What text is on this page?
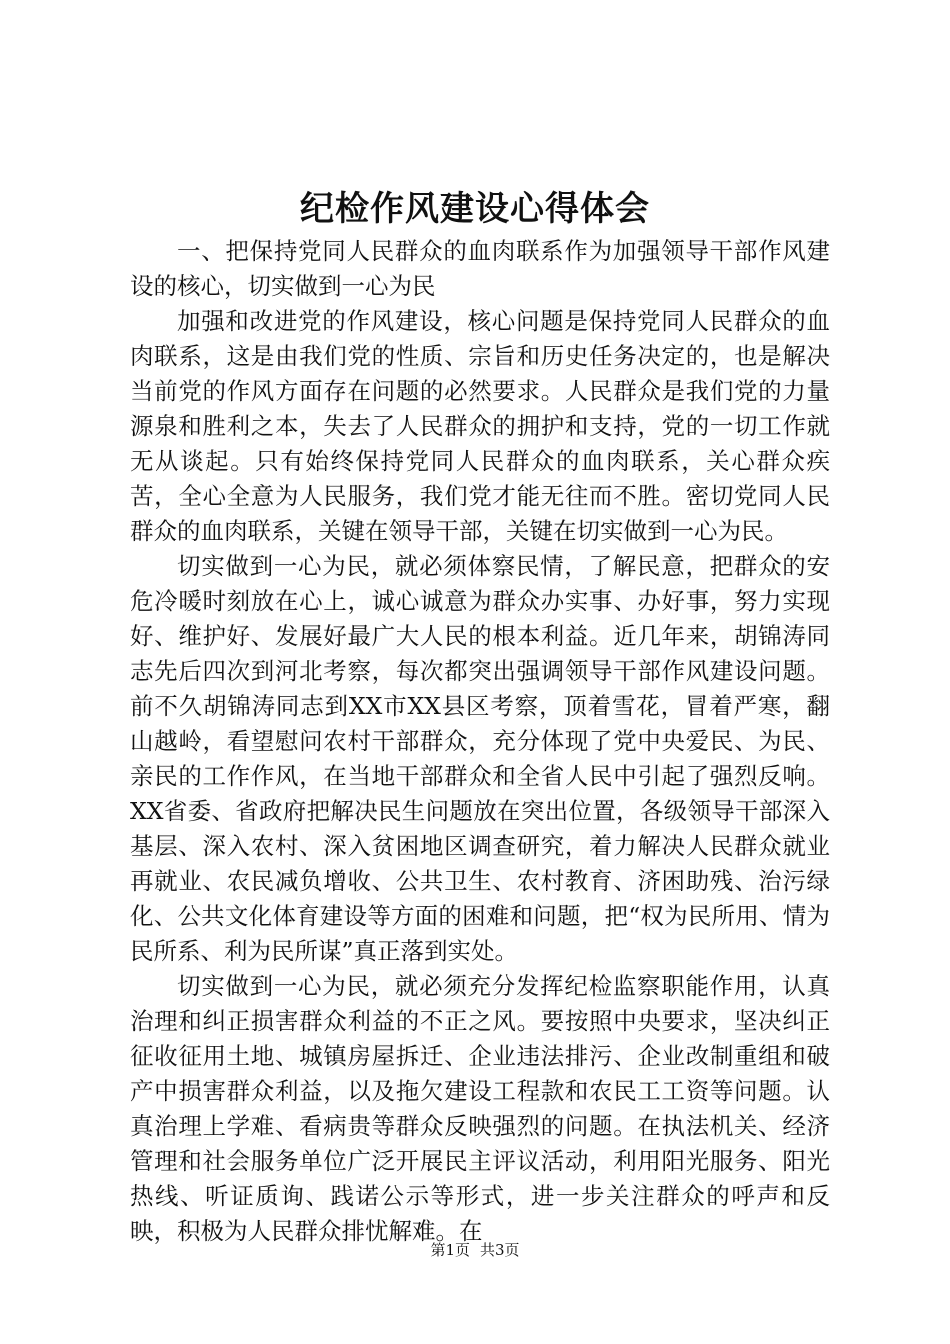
纪检作风建设心得体会

一、把保持党同人民群众的血肉联系作为加强领导干部作风建设的核心，切实做到一心为民

加强和改进党的作风建设，核心问题是保持党同人民群众的血肉联系，这是由我们党的性质、宗旨和历史任务决定的，也是解决当前党的作风方面存在问题的必然要求。人民群众是我们党的力量源泉和胜利之本，失去了人民群众的拥护和支持，党的一切工作就无从谈起。只有始终保持党同人民群众的血肉联系，关心群众疾苦，全心全意为人民服务，我们党才能无往而不胜。密切党同人民群众的血肉联系，关键在领导干部，关键在切实做到一心为民。

切实做到一心为民，就必须体察民情，了解民意，把群众的安危冷暖时刻放在心上，诚心诚意为群众办实事、办好事，努力实现好、维护好、发展好最广大人民的根本利益。近几年来，胡锦涛同志先后四次到河北考察，每次都突出强调领导干部作风建设问题。前不久胡锦涛同志到XX市XX县区考察，顶着雪花，冒着严寒，翻山越岭，看望慰问农村干部群众，充分体现了党中央爱民、为民、亲民的工作作风，在当地干部群众和全省人民中引起了强烈反响。XX省委、省政府把解决民生问题放在突出位置，各级领导干部深入基层、深入农村、深入贫困地区调查研究，着力解决人民群众就业再就业、农民减负增收、公共卫生、农村教育、济困助残、治污绿化、公共文化体育建设等方面的困难和问题，把“权为民所用、情为民所系、利为民所谋”真正落到实处。

切实做到一心为民，就必须充分发挥纪检监察职能作用，认真治理和纠正损害群众利益的不正之风。要按照中央要求，坚决纠正征收征用土地、城镇房屋拆迁、企业违法排污、企业改制重组和破产中损害群众利益，以及拖欠建设工程款和农民工工资等问题。认真治理上学难、看病贵等群众反映强烈的问题。在执法机关、经济管理和社会服务单位广泛开展民主评议活动，利用阳光服务、阳光热线、听证质询、践诺公示等形式，进一步关注群众的呼声和反映，积极为人民群众排忧解难。在

第1页 共3页
